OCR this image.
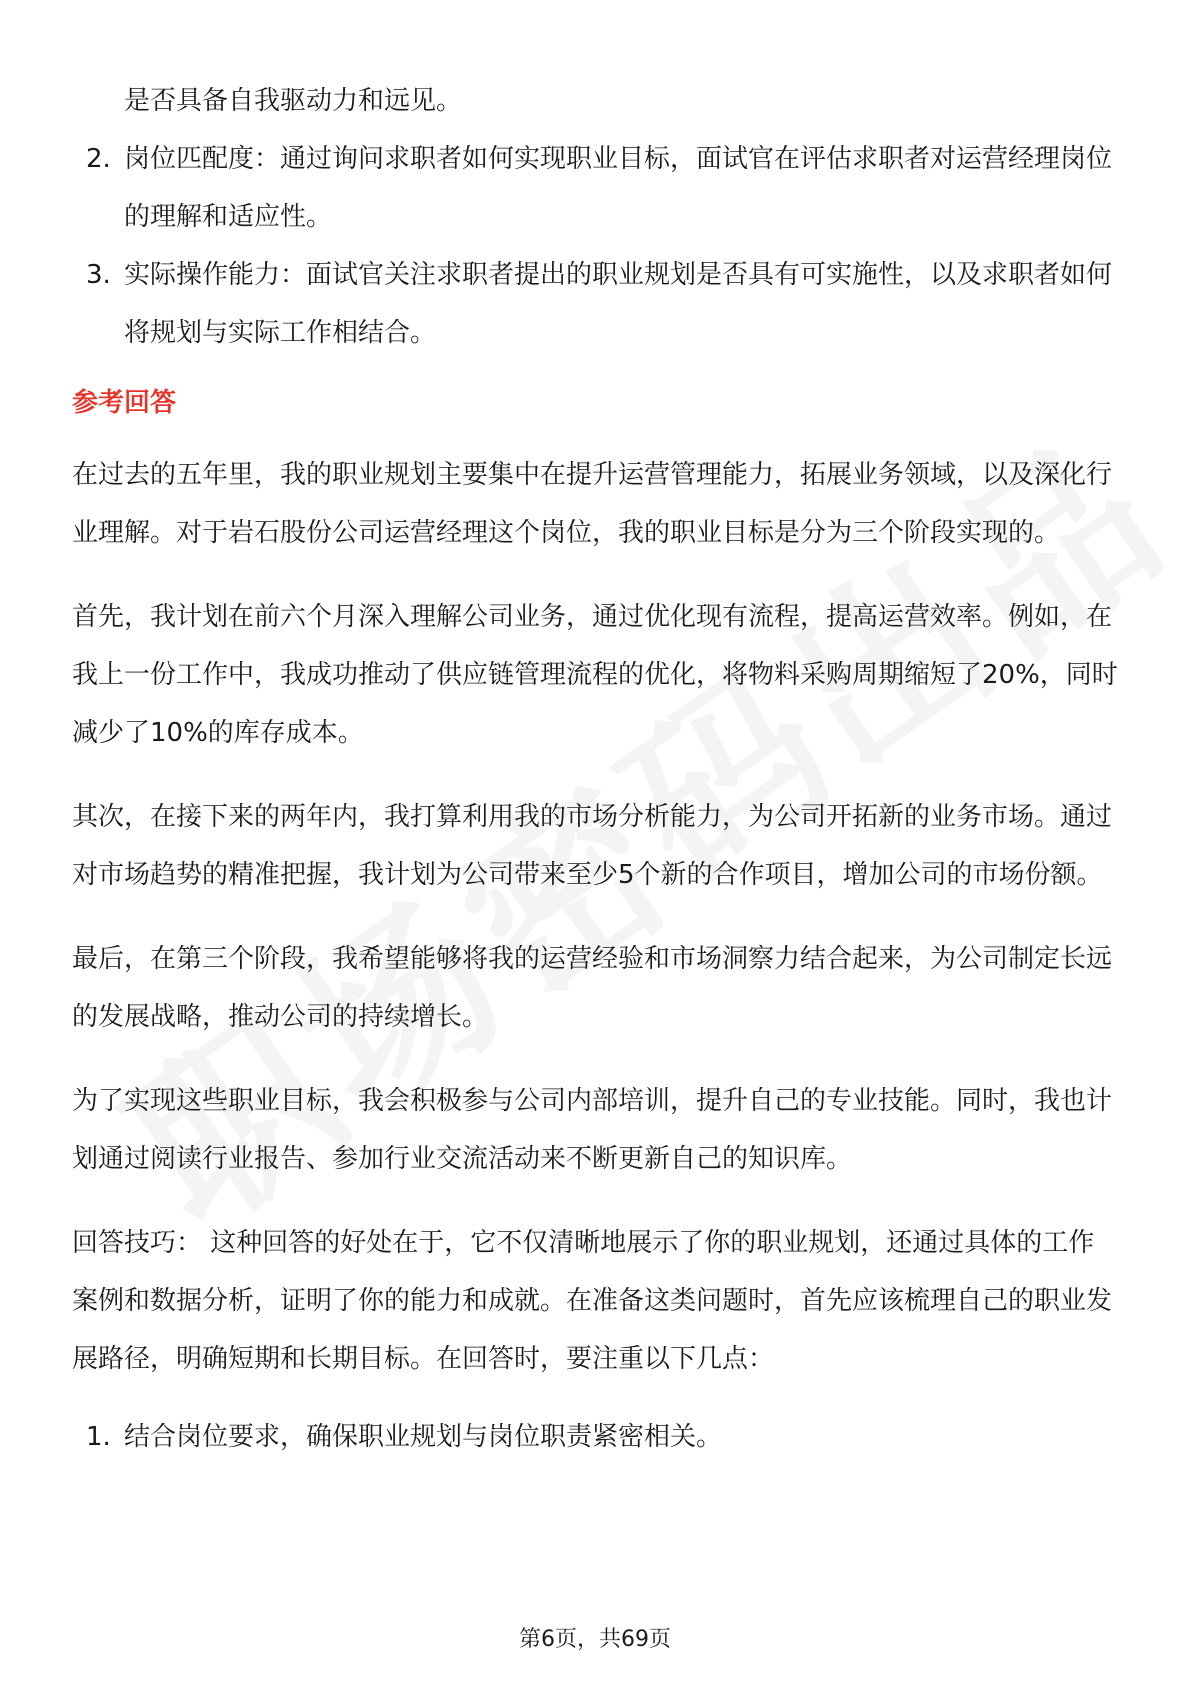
是否具备自我驱动力和远见。
2. 岗位匹配度：通过询问求职者如何实现职业目标，面试官在评估求职者对运营经理岗位的理解和适应性。
3. 实际操作能力：面试官关注求职者提出的职业规划是否具有可实施性，以及求职者如何将规划与实际工作相结合。
参考回答

在过去的五年里，我的职业规划主要集中在提升运营管理能力，拓展业务领域，以及深化行业理解。对于岩石股份公司运营经理这个岗位，我的职业目标是分为三个阶段实现的。

首先，我计划在前六个月深入理解公司业务，通过优化现有流程，提高运营效率。例如，在我上一份工作中，我成功推动了供应链管理流程的优化，将物料采购周期缩短了20%，同时减少了10%的库存成本。

其次，在接下来的两年内，我打算利用我的市场分析能力，为公司开拓新的业务市场。通过对市场趋势的精准把握，我计划为公司带来至少5个新的合作项目，增加公司的市场份额。

最后，在第三个阶段，我希望能够将我的运营经验和市场洞察力结合起来，为公司制定长远的发展战略，推动公司的持续增长。

为了实现这些职业目标，我会积极参与公司内部培训，提升自己的专业技能。同时，我也计划通过阅读行业报告、参加行业交流活动来不断更新自己的知识库。

回答技巧： 这种回答的好处在于，它不仅清晰地展示了你的职业规划，还通过具体的工作案例和数据分析，证明了你的能力和成就。在准备这类问题时，首先应该梳理自己的职业发展路径，明确短期和长期目标。在回答时，要注重以下几点：

1. 结合岗位要求，确保职业规划与岗位职责紧密相关。
第6页，共69页
